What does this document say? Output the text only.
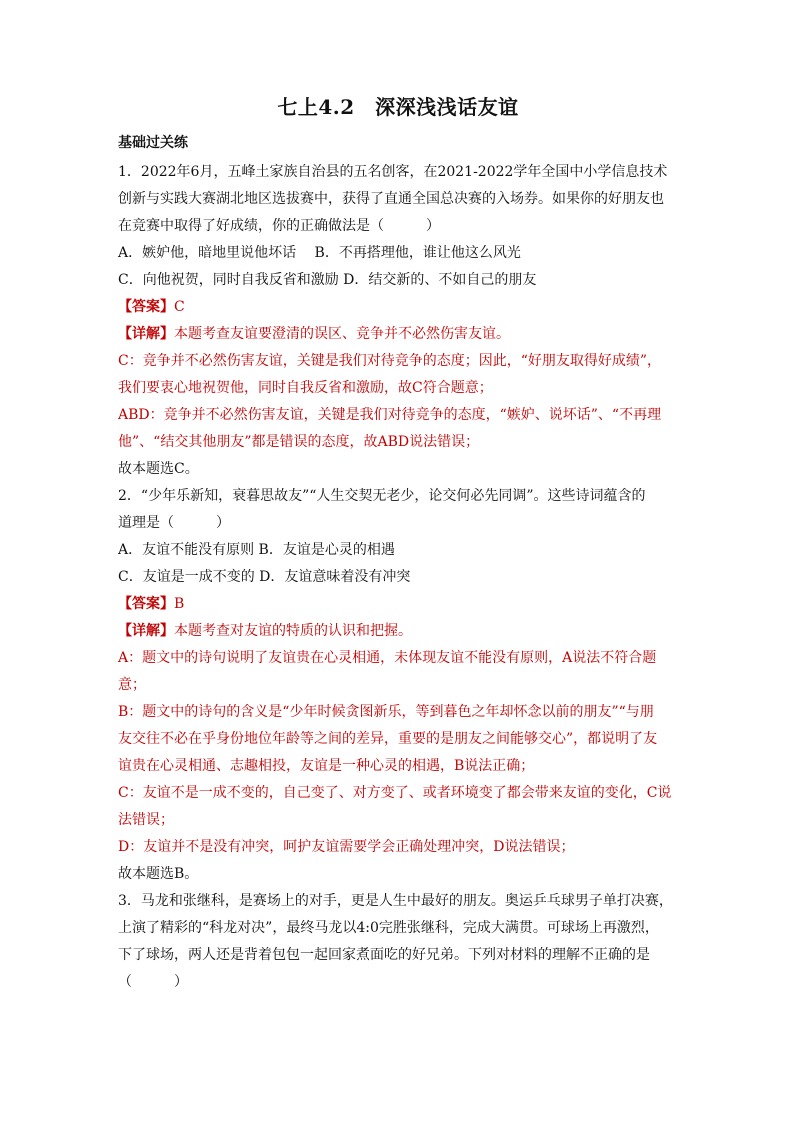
七上4.2　深深浅浅话友谊
基础过关练
1．2022年6月，五峰土家族自治县的五名创客，在2021-2022学年全国中小学信息技术
创新与实践大赛湖北地区选拔赛中，获得了直通全国总决赛的入场券。如果你的好朋友也
在竞赛中取得了好成绩，你的正确做法是（　　　）
A．嫉妒他，暗地里说他坏话　 B．不再搭理他，谁让他这么风光
C．向他祝贺，同时自我反省和激励 D．结交新的、不如自己的朋友
【答案】C
【详解】本题考查友谊要澄清的误区、竞争并不必然伤害友谊。
C：竞争并不必然伤害友谊，关键是我们对待竞争的态度；因此，“好朋友取得好成绩”，
我们要衷心地祝贺他，同时自我反省和激励，故C符合题意；
ABD：竞争并不必然伤害友谊，关键是我们对待竞争的态度，“嫉妒、说坏话”、“不再理
他”、“结交其他朋友”都是错误的态度，故ABD说法错误；
故本题选C。
2．“少年乐新知，衰暮思故友”“人生交契无老少，论交何必先同调”。这些诗词蕴含的
道理是（　　　）
A．友谊不能没有原则 B．友谊是心灵的相遇
C．友谊是一成不变的 D．友谊意味着没有冲突
【答案】B
【详解】本题考查对友谊的特质的认识和把握。
A：题文中的诗句说明了友谊贵在心灵相通，未体现友谊不能没有原则，A说法不符合题
意；
B：题文中的诗句的含义是“少年时候贪图新乐，等到暮色之年却怀念以前的朋友”“与朋
友交往不必在乎身份地位年龄等之间的差异，重要的是朋友之间能够交心”，都说明了友
谊贵在心灵相通、志趣相投，友谊是一种心灵的相遇，B说法正确；
C：友谊不是一成不变的，自己变了、对方变了、或者环境变了都会带来友谊的变化，C说
法错误；
D：友谊并不是没有冲突，呵护友谊需要学会正确处理冲突，D说法错误；
故本题选B。
3．马龙和张继科，是赛场上的对手，更是人生中最好的朋友。奥运乒乓球男子单打决赛，
上演了精彩的“科龙对决”，最终马龙以4:0完胜张继科，完成大满贯。可球场上再激烈，
下了球场，两人还是背着包包一起回家煮面吃的好兄弟。下列对材料的理解不正确的是
（　　　）
